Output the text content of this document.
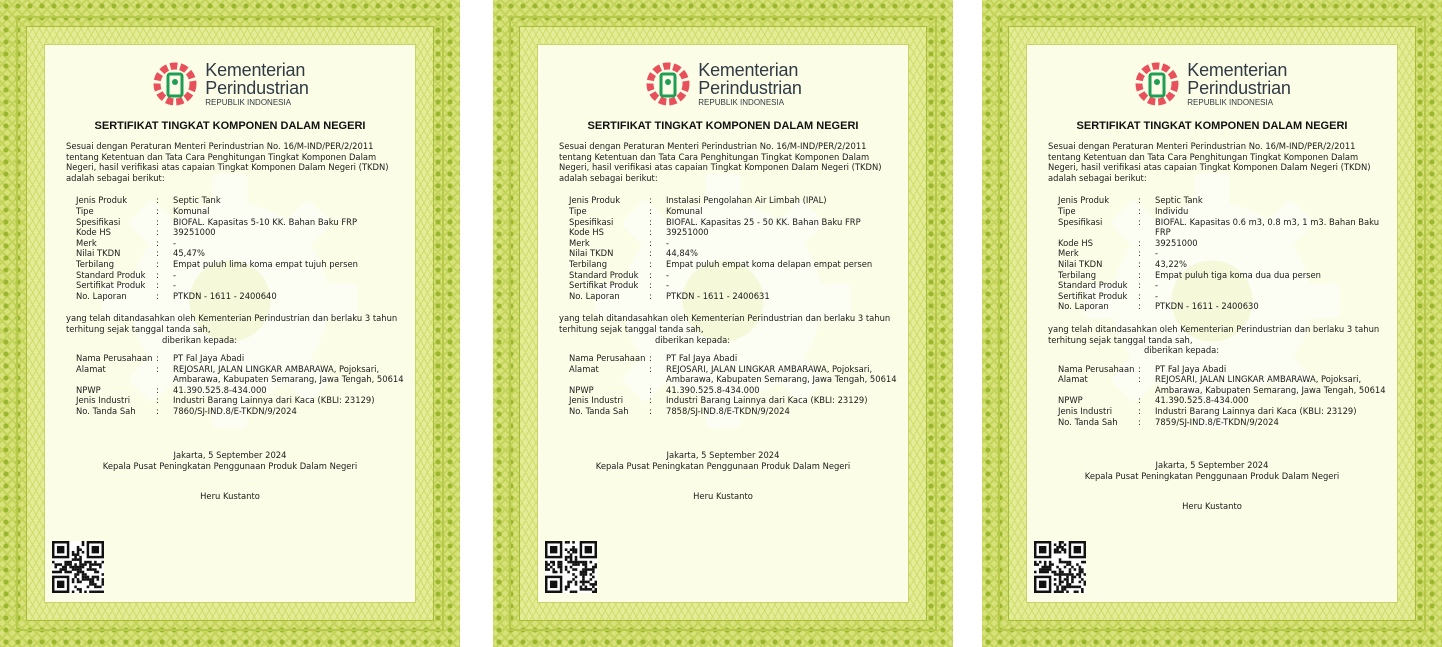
Kementerian
Perindustrian
REPUBLIK INDONESIA
SERTIFIKAT TINGKAT KOMPONEN DALAM NEGERI

Sesuai dengan Peraturan Menteri Perindustrian No. 16/M-IND/PER/2/2011 tentang Ketentuan dan Tata Cara Penghitungan Tingkat Komponen Dalam Negeri, hasil verifikasi atas capaian Tingkat Komponen Dalam Negeri (TKDN) adalah sebagai berikut:

Jenis Produk	:	Septic Tank
Tipe	:	Komunal
Spesifikasi	:	BIOFAL. Kapasitas 5-10 KK. Bahan Baku FRP
Kode HS	:	39251000
Merk	:	-
Nilai TKDN	:	45,47%
Terbilang	:	Empat puluh lima koma empat tujuh persen
Standard Produk	:	-
Sertifikat Produk	:	-
No. Laporan	:	PTKDN - 1611 - 2400640

yang telah ditandasahkan oleh Kementerian Perindustrian dan berlaku 3 tahun terhitung sejak tanggal tanda sah,

diberikan kepada:

Nama Perusahaan	:	PT Fal Jaya Abadi
Alamat	:	REJOSARI, JALAN LINGKAR AMBARAWA, Pojoksari, Ambarawa, Kabupaten Semarang, Jawa Tengah, 50614
NPWP	:	41.390.525.8-434.000
Jenis Industri	:	Industri Barang Lainnya dari Kaca (KBLI: 23129)
No. Tanda Sah	:	7860/SJ-IND.8/E-TKDN/9/2024
Jakarta, 5 September 2024
Kepala Pusat Peningkatan Penggunaan Produk Dalam Negeri
Heru Kustanto
Kementerian
Perindustrian
REPUBLIK INDONESIA
SERTIFIKAT TINGKAT KOMPONEN DALAM NEGERI

Sesuai dengan Peraturan Menteri Perindustrian No. 16/M-IND/PER/2/2011 tentang Ketentuan dan Tata Cara Penghitungan Tingkat Komponen Dalam Negeri, hasil verifikasi atas capaian Tingkat Komponen Dalam Negeri (TKDN) adalah sebagai berikut:

Jenis Produk	:	Instalasi Pengolahan Air Limbah (IPAL)
Tipe	:	Komunal
Spesifikasi	:	BIOFAL. Kapasitas 25 - 50 KK. Bahan Baku FRP
Kode HS	:	39251000
Merk	:	-
Nilai TKDN	:	44,84%
Terbilang	:	Empat puluh empat koma delapan empat persen
Standard Produk	:	-
Sertifikat Produk	:	-
No. Laporan	:	PTKDN - 1611 - 2400631

yang telah ditandasahkan oleh Kementerian Perindustrian dan berlaku 3 tahun terhitung sejak tanggal tanda sah,

diberikan kepada:

Nama Perusahaan	:	PT Fal Jaya Abadi
Alamat	:	REJOSARI, JALAN LINGKAR AMBARAWA, Pojoksari, Ambarawa, Kabupaten Semarang, Jawa Tengah, 50614
NPWP	:	41.390.525.8-434.000
Jenis Industri	:	Industri Barang Lainnya dari Kaca (KBLI: 23129)
No. Tanda Sah	:	7858/SJ-IND.8/E-TKDN/9/2024
Jakarta, 5 September 2024
Kepala Pusat Peningkatan Penggunaan Produk Dalam Negeri
Heru Kustanto
Kementerian
Perindustrian
REPUBLIK INDONESIA
SERTIFIKAT TINGKAT KOMPONEN DALAM NEGERI

Sesuai dengan Peraturan Menteri Perindustrian No. 16/M-IND/PER/2/2011 tentang Ketentuan dan Tata Cara Penghitungan Tingkat Komponen Dalam Negeri, hasil verifikasi atas capaian Tingkat Komponen Dalam Negeri (TKDN) adalah sebagai berikut:

Jenis Produk	:	Septic Tank
Tipe	:	Individu
Spesifikasi	:	BIOFAL. Kapasitas 0.6 m3, 0.8 m3, 1 m3. Bahan Baku FRP
Kode HS	:	39251000
Merk	:	-
Nilai TKDN	:	43,22%
Terbilang	:	Empat puluh tiga koma dua dua persen
Standard Produk	:	-
Sertifikat Produk	:	-
No. Laporan	:	PTKDN - 1611 - 2400630

yang telah ditandasahkan oleh Kementerian Perindustrian dan berlaku 3 tahun terhitung sejak tanggal tanda sah,

diberikan kepada:

Nama Perusahaan	:	PT Fal Jaya Abadi
Alamat	:	REJOSARI, JALAN LINGKAR AMBARAWA, Pojoksari, Ambarawa, Kabupaten Semarang, Jawa Tengah, 50614
NPWP	:	41.390.525.8-434.000
Jenis Industri	:	Industri Barang Lainnya dari Kaca (KBLI: 23129)
No. Tanda Sah	:	7859/SJ-IND.8/E-TKDN/9/2024
Jakarta, 5 September 2024
Kepala Pusat Peningkatan Penggunaan Produk Dalam Negeri
Heru Kustanto
